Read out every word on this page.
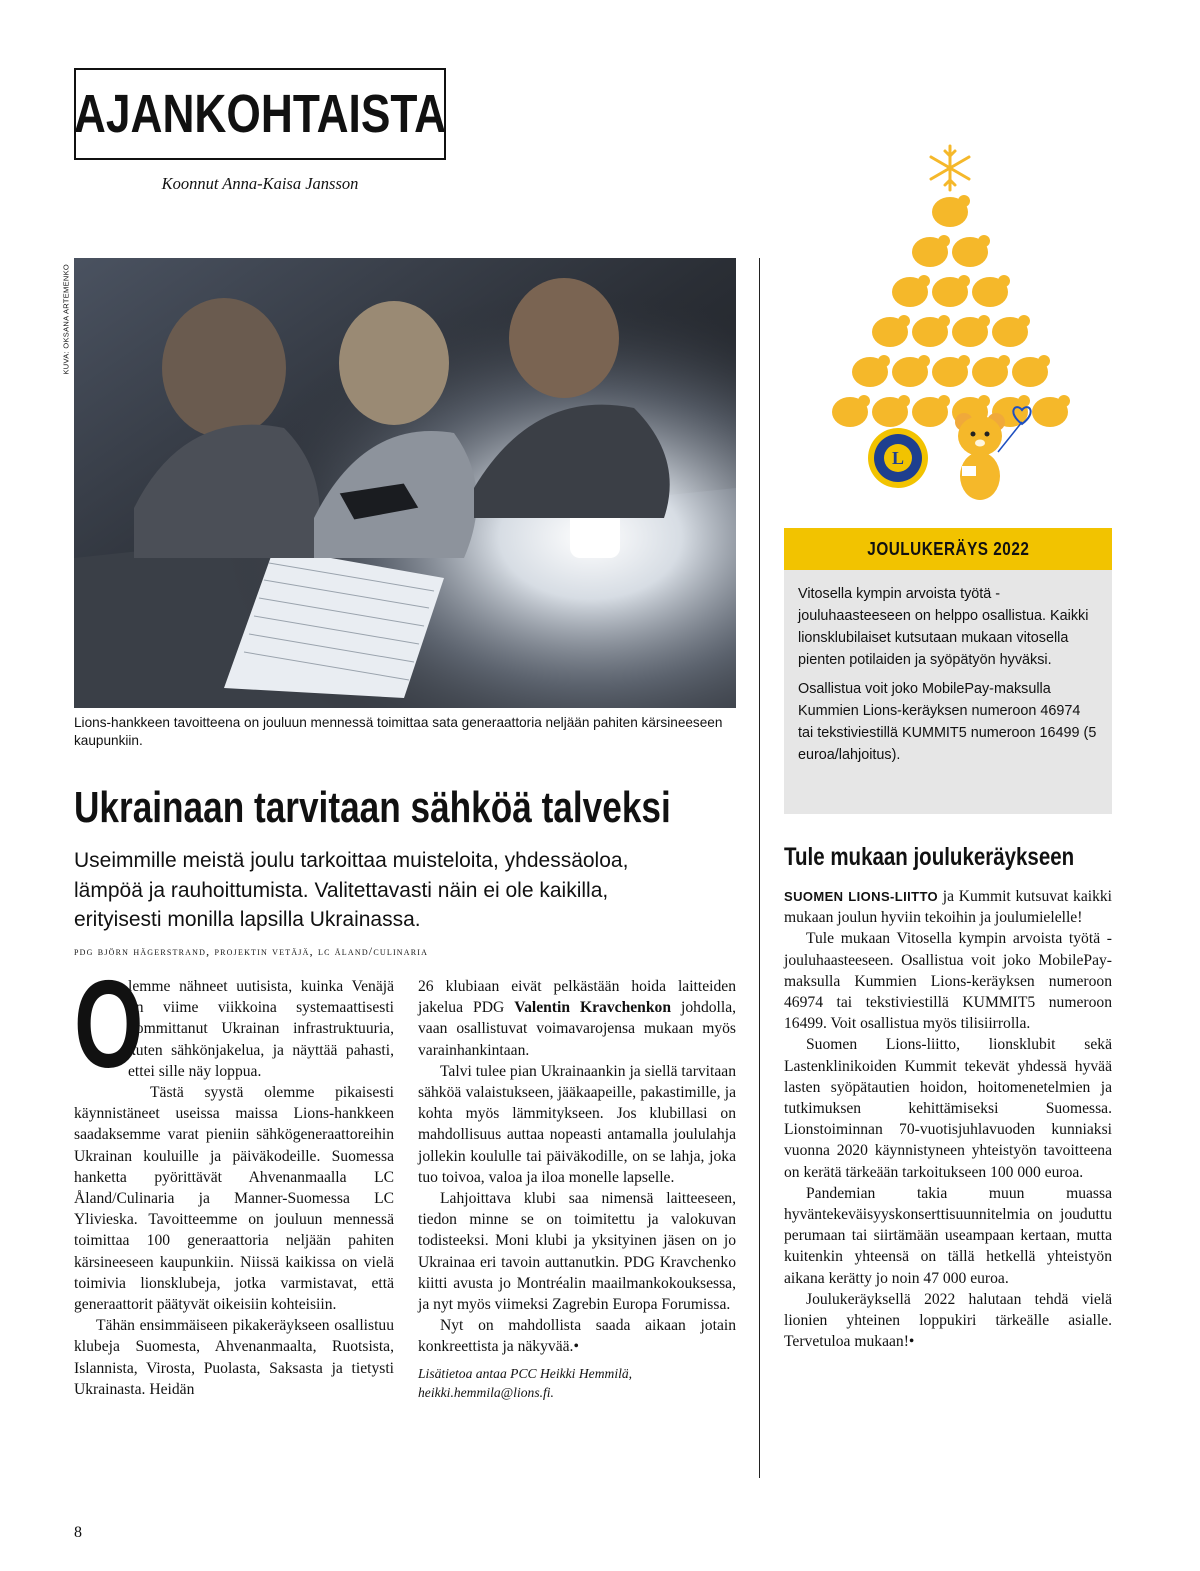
AJANKOHTAISTA
Koonnut Anna-Kaisa Jansson
KUVA: OKSANA ARTEMENKO
Lions-hankkeen tavoitteena on jouluun mennessä toimittaa sata generaattoria neljään pahiten kärsineeseen kaupunkiin.
Ukrainaan tarvitaan sähköä talveksi
Useimmille meistä joulu tarkoittaa muisteloita, yhdessäoloa, lämpöä ja rauhoittumista. Valitettavasti näin ei ole kaikilla, erityisesti monilla lapsilla Ukrainassa.
pdg björn hägerstrand, projektin vetäjä, lc åland/culinaria

O
lemme nähneet uutisista, kuinka Venäjä on viime viikkoina systemaattisesti pommittanut Ukrainan infrastruktuuria, kuten sähkönjakelua, ja näyttää pahasti, ettei sille näy loppua.

Tästä syystä olemme pikaisesti käynnistäneet useissa maissa Lions-hankkeen saadaksemme varat pieniin sähkögeneraattoreihin Ukrainan kouluille ja päiväkodeille. Suomessa hanketta pyörittävät Ahvenanmaalla LC Åland/Culinaria ja Manner-Suomessa LC Ylivieska. Tavoitteemme on jouluun mennessä toimittaa 100 generaattoria neljään pahiten kärsineeseen kaupunkiin. Niissä kaikissa on vielä toimivia lionsklubeja, jotka varmistavat, että generaattorit päätyvät oikeisiin kohteisiin.

Tähän ensimmäiseen pikakeräykseen osallistuu klubeja Suomesta, Ahvenanmaalta, Ruotsista, Islannista, Virosta, Puolasta, Saksasta ja tietysti Ukrainasta. Heidän

26 klubiaan eivät pelkästään hoida laitteiden jakelua PDG Valentin Kravchenkon johdolla, vaan osallistuvat voimavarojensa mukaan myös varainhankintaan.

Talvi tulee pian Ukrainaankin ja siellä tarvitaan sähköä valaistukseen, jääkaapeille, pakastimille, ja kohta myös lämmitykseen. Jos klubillasi on mahdollisuus auttaa nopeasti antamalla joululahja jollekin koululle tai päiväkodille, on se lahja, joka tuo toivoa, valoa ja iloa monelle lapselle.

Lahjoittava klubi saa nimensä laitteeseen, tiedon minne se on toimitettu ja valokuvan todisteeksi. Moni klubi ja yksityinen jäsen on jo Ukrainaa eri tavoin auttanutkin. PDG Kravchenko kiitti avusta jo Montréalin maailmankokouksessa, ja nyt myös viimeksi Zagrebin Europa Forumissa.

Nyt on mahdollista saada aikaan jotain konkreettista ja näkyvää.•

Lisätietoa antaa PCC Heikki Hemmilä, heikki.hemmila@lions.fi.

L
JOULUKERÄYS 2022

Vitosella kympin arvoista työtä -jouluhaasteeseen on helppo osallistua. Kaikki lionsklubilaiset kutsutaan mukaan vitosella pienten potilaiden ja syöpätyön hyväksi.

Osallistua voit joko MobilePay-maksulla Kummien Lions-keräyksen numeroon 46974 tai tekstiviestillä KUMMIT5 numeroon 16499 (5 euroa/lahjoitus).

Tule mukaan joulukeräykseen

SUOMEN LIONS-LIITTO ja Kummit kutsuvat kaikki mukaan joulun hyviin tekoihin ja joulumielelle!

Tule mukaan Vitosella kympin arvoista työtä -jouluhaasteeseen. Osallistua voit joko MobilePay-maksulla Kummien Lions-keräyksen numeroon 46974 tai tekstiviestillä KUMMIT5 numeroon 16499. Voit osallistua myös tilisiirrolla.

Suomen Lions-liitto, lionsklubit sekä Lastenklinikoiden Kummit tekevät yhdessä hyvää lasten syöpätautien hoidon, hoitomenetelmien ja tutkimuksen kehittämiseksi Suomessa. Lionstoiminnan 70-vuotisjuhlavuoden kunniaksi vuonna 2020 käynnistyneen yhteistyön tavoitteena on kerätä tärkeään tarkoitukseen 100 000 euroa.

Pandemian takia muun muassa hyväntekeväisyyskonserttisuunnitelmia on jouduttu perumaan tai siirtämään useampaan kertaan, mutta kuitenkin yhteensä on tällä hetkellä yhteistyön aikana kerätty jo noin 47 000 euroa.

Joulukeräyksellä 2022 halutaan tehdä vielä lionien yhteinen loppukiri tärkeälle asialle. Tervetuloa mukaan!•

8
